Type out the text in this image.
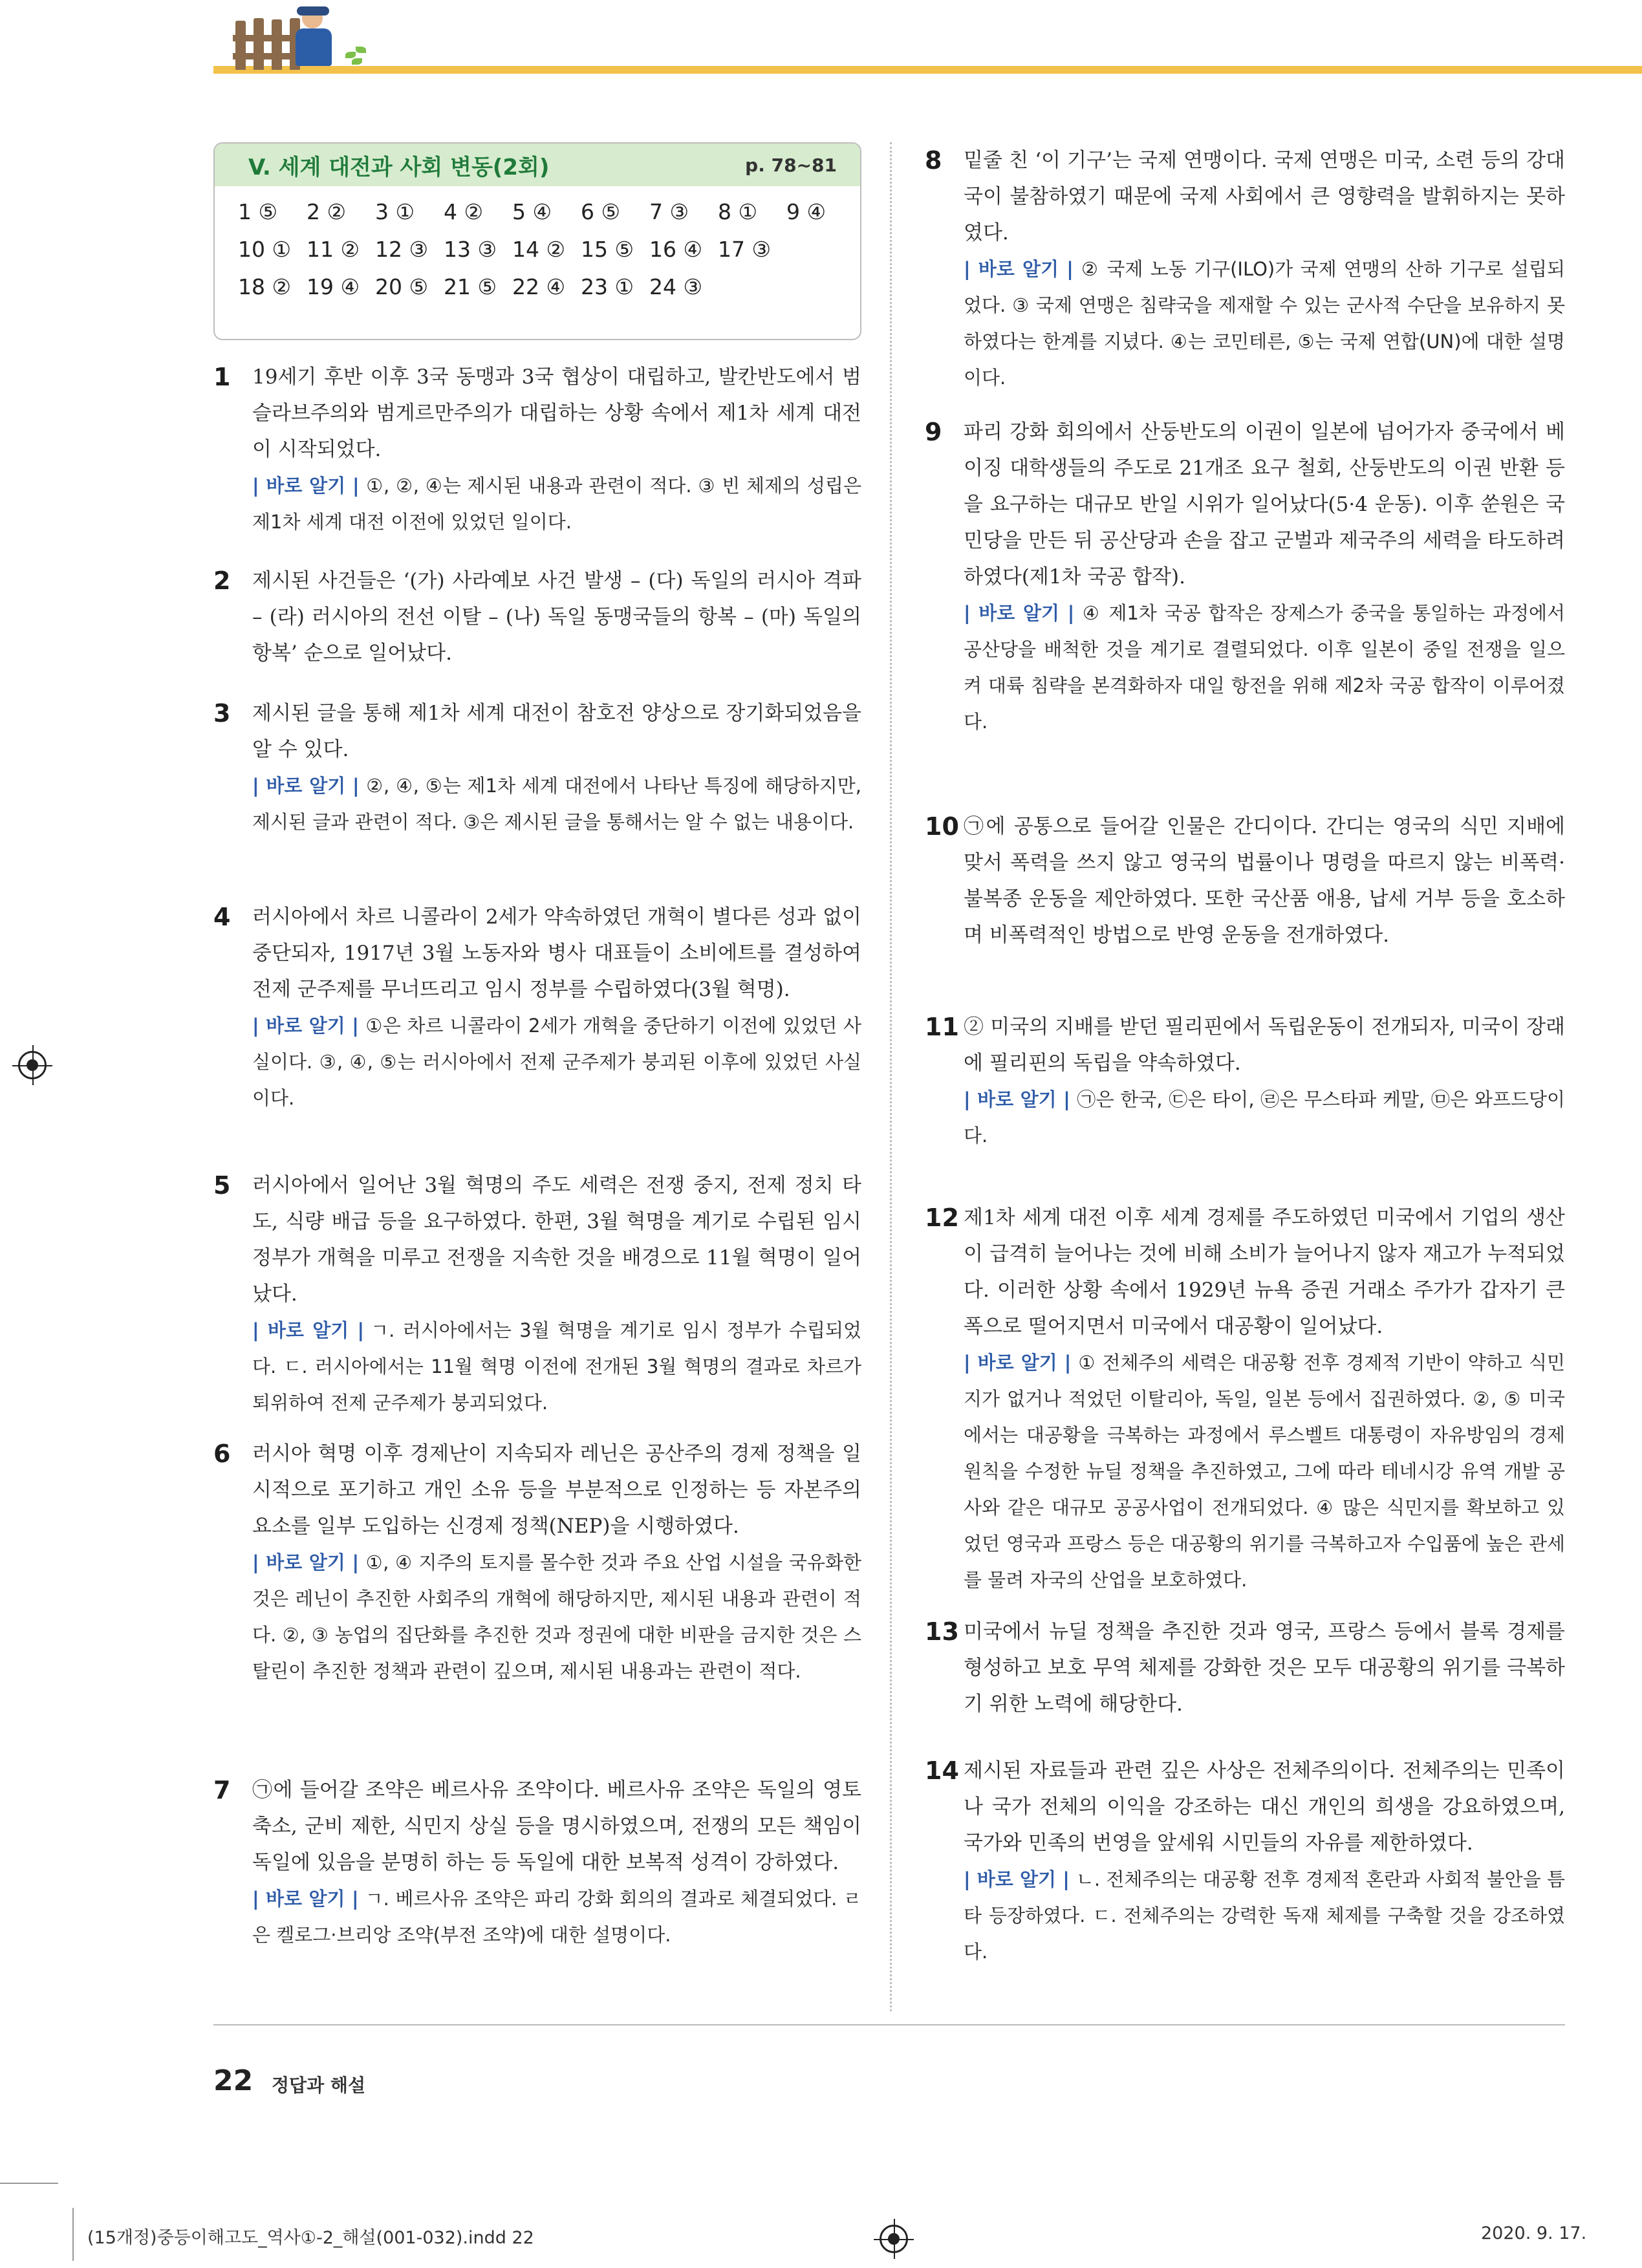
V. 세계 대전과 사회 변동(2회)	p. 78~81
1 ⑤	2 ②	3 ①	4 ②	5 ④	6 ⑤	7 ③	8 ①	9 ④
10 ① 11 ② 12 ③ 13 ③ 14 ② 15 ⑤ 16 ④ 17 ③
18 ② 19 ④ 20 ⑤ 21 ⑤ 22 ④ 23 ① 24 ③
1 19세기 후반 이후 3국 동맹과 3국 협상이 대립하고, 발칸반도에서 범슬라브주의와 범게르만주의가 대립하는 상황 속에서 제1차 세계 대전이 시작되었다.
| 바로 알기 | ①, ②, ④는 제시된 내용과 관련이 적다. ③ 빈 체제의 성립은 제1차 세계 대전 이전에 있었던 일이다.
2 제시된 사건들은 ‘(가) 사라예보 사건 발생 – (다) 독일의 러시아 격파 – (라) 러시아의 전선 이탈 – (나) 독일 동맹국들의 항복 – (마) 독일의 항복’ 순으로 일어났다.
3 제시된 글을 통해 제1차 세계 대전이 참호전 양상으로 장기화되었음을 알 수 있다.
| 바로 알기 | ②, ④, ⑤는 제1차 세계 대전에서 나타난 특징에 해당하지만, 제시된 글과 관련이 적다. ③은 제시된 글을 통해서는 알 수 없는 내용이다.
4 러시아에서 차르 니콜라이 2세가 약속하였던 개혁이 별다른 성과 없이 중단되자, 1917년 3월 노동자와 병사 대표들이 소비에트를 결성하여 전제 군주제를 무너뜨리고 임시 정부를 수립하였다(3월 혁명).
| 바로 알기 | ①은 차르 니콜라이 2세가 개혁을 중단하기 이전에 있었던 사실이다. ③, ④, ⑤는 러시아에서 전제 군주제가 붕괴된 이후에 있었던 사실이다.
5 러시아에서 일어난 3월 혁명의 주도 세력은 전쟁 중지, 전제 정치 타도, 식량 배급 등을 요구하였다. 한편, 3월 혁명을 계기로 수립된 임시 정부가 개혁을 미루고 전쟁을 지속한 것을 배경으로 11월 혁명이 일어났다.
| 바로 알기 | ㄱ. 러시아에서는 3월 혁명을 계기로 임시 정부가 수립되었다. ㄷ. 러시아에서는 11월 혁명 이전에 전개된 3월 혁명의 결과로 차르가 퇴위하여 전제 군주제가 붕괴되었다.
6 러시아 혁명 이후 경제난이 지속되자 레닌은 공산주의 경제 정책을 일시적으로 포기하고 개인 소유 등을 부분적으로 인정하는 등 자본주의 요소를 일부 도입하는 신경제 정책(NEP)을 시행하였다.
| 바로 알기 | ①, ④ 지주의 토지를 몰수한 것과 주요 산업 시설을 국유화한 것은 레닌이 추진한 사회주의 개혁에 해당하지만, 제시된 내용과 관련이 적다. ②, ③ 농업의 집단화를 추진한 것과 정권에 대한 비판을 금지한 것은 스탈린이 추진한 정책과 관련이 깊으며, 제시된 내용과는 관련이 적다.
7 ㉠에 들어갈 조약은 베르사유 조약이다. 베르사유 조약은 독일의 영토 축소, 군비 제한, 식민지 상실 등을 명시하였으며, 전쟁의 모든 책임이 독일에 있음을 분명히 하는 등 독일에 대한 보복적 성격이 강하였다.
| 바로 알기 | ㄱ. 베르사유 조약은 파리 강화 회의의 결과로 체결되었다. ㄹ은 켈로그·브리앙 조약(부전 조약)에 대한 설명이다.
8 밑줄 친 ‘이 기구’는 국제 연맹이다. 국제 연맹은 미국, 소련 등의 강대국이 불참하였기 때문에 국제 사회에서 큰 영향력을 발휘하지는 못하였다.
| 바로 알기 | ② 국제 노동 기구(ILO)가 국제 연맹의 산하 기구로 설립되었다. ③ 국제 연맹은 침략국을 제재할 수 있는 군사적 수단을 보유하지 못하였다는 한계를 지녔다. ④는 코민테른, ⑤는 국제 연합(UN)에 대한 설명이다.
9 파리 강화 회의에서 산둥반도의 이권이 일본에 넘어가자 중국에서 베이징 대학생들의 주도로 21개조 요구 철회, 산둥반도의 이권 반환 등을 요구하는 대규모 반일 시위가 일어났다(5·4 운동). 이후 쑨원은 국민당을 만든 뒤 공산당과 손을 잡고 군벌과 제국주의 세력을 타도하려 하였다(제1차 국공 합작).
| 바로 알기 | ④ 제1차 국공 합작은 장제스가 중국을 통일하는 과정에서 공산당을 배척한 것을 계기로 결렬되었다. 이후 일본이 중일 전쟁을 일으켜 대륙 침략을 본격화하자 대일 항전을 위해 제2차 국공 합작이 이루어졌다.
10 ㉠에 공통으로 들어갈 인물은 간디이다. 간디는 영국의 식민 지배에 맞서 폭력을 쓰지 않고 영국의 법률이나 명령을 따르지 않는 비폭력·불복종 운동을 제안하였다. 또한 국산품 애용, 납세 거부 등을 호소하며 비폭력적인 방법으로 반영 운동을 전개하였다.
11 ② 미국의 지배를 받던 필리핀에서 독립운동이 전개되자, 미국이 장래에 필리핀의 독립을 약속하였다.
| 바로 알기 | ㉠은 한국, ㉢은 타이, ㉣은 무스타파 케말, ㉤은 와프드당이다.
12 제1차 세계 대전 이후 세계 경제를 주도하였던 미국에서 기업의 생산이 급격히 늘어나는 것에 비해 소비가 늘어나지 않자 재고가 누적되었다. 이러한 상황 속에서 1929년 뉴욕 증권 거래소 주가가 갑자기 큰 폭으로 떨어지면서 미국에서 대공황이 일어났다.
| 바로 알기 | ① 전체주의 세력은 대공황 전후 경제적 기반이 약하고 식민지가 없거나 적었던 이탈리아, 독일, 일본 등에서 집권하였다. ②, ⑤ 미국에서는 대공황을 극복하는 과정에서 루스벨트 대통령이 자유방임의 경제 원칙을 수정한 뉴딜 정책을 추진하였고, 그에 따라 테네시강 유역 개발 공사와 같은 대규모 공공사업이 전개되었다. ④ 많은 식민지를 확보하고 있었던 영국과 프랑스 등은 대공황의 위기를 극복하고자 수입품에 높은 관세를 물려 자국의 산업을 보호하였다.
13 미국에서 뉴딜 정책을 추진한 것과 영국, 프랑스 등에서 블록 경제를 형성하고 보호 무역 체제를 강화한 것은 모두 대공황의 위기를 극복하기 위한 노력에 해당한다.
14 제시된 자료들과 관련 깊은 사상은 전체주의이다. 전체주의는 민족이나 국가 전체의 이익을 강조하는 대신 개인의 희생을 강요하였으며, 국가와 민족의 번영을 앞세워 시민들의 자유를 제한하였다.
| 바로 알기 | ㄴ. 전체주의는 대공황 전후 경제적 혼란과 사회적 불안을 틈타 등장하였다. ㄷ. 전체주의는 강력한 독재 체제를 구축할 것을 강조하였다.
22 정답과 해설
(15개정)중등이해고도_역사①-2_해설(001-032).indd 22	2020. 9. 17.
